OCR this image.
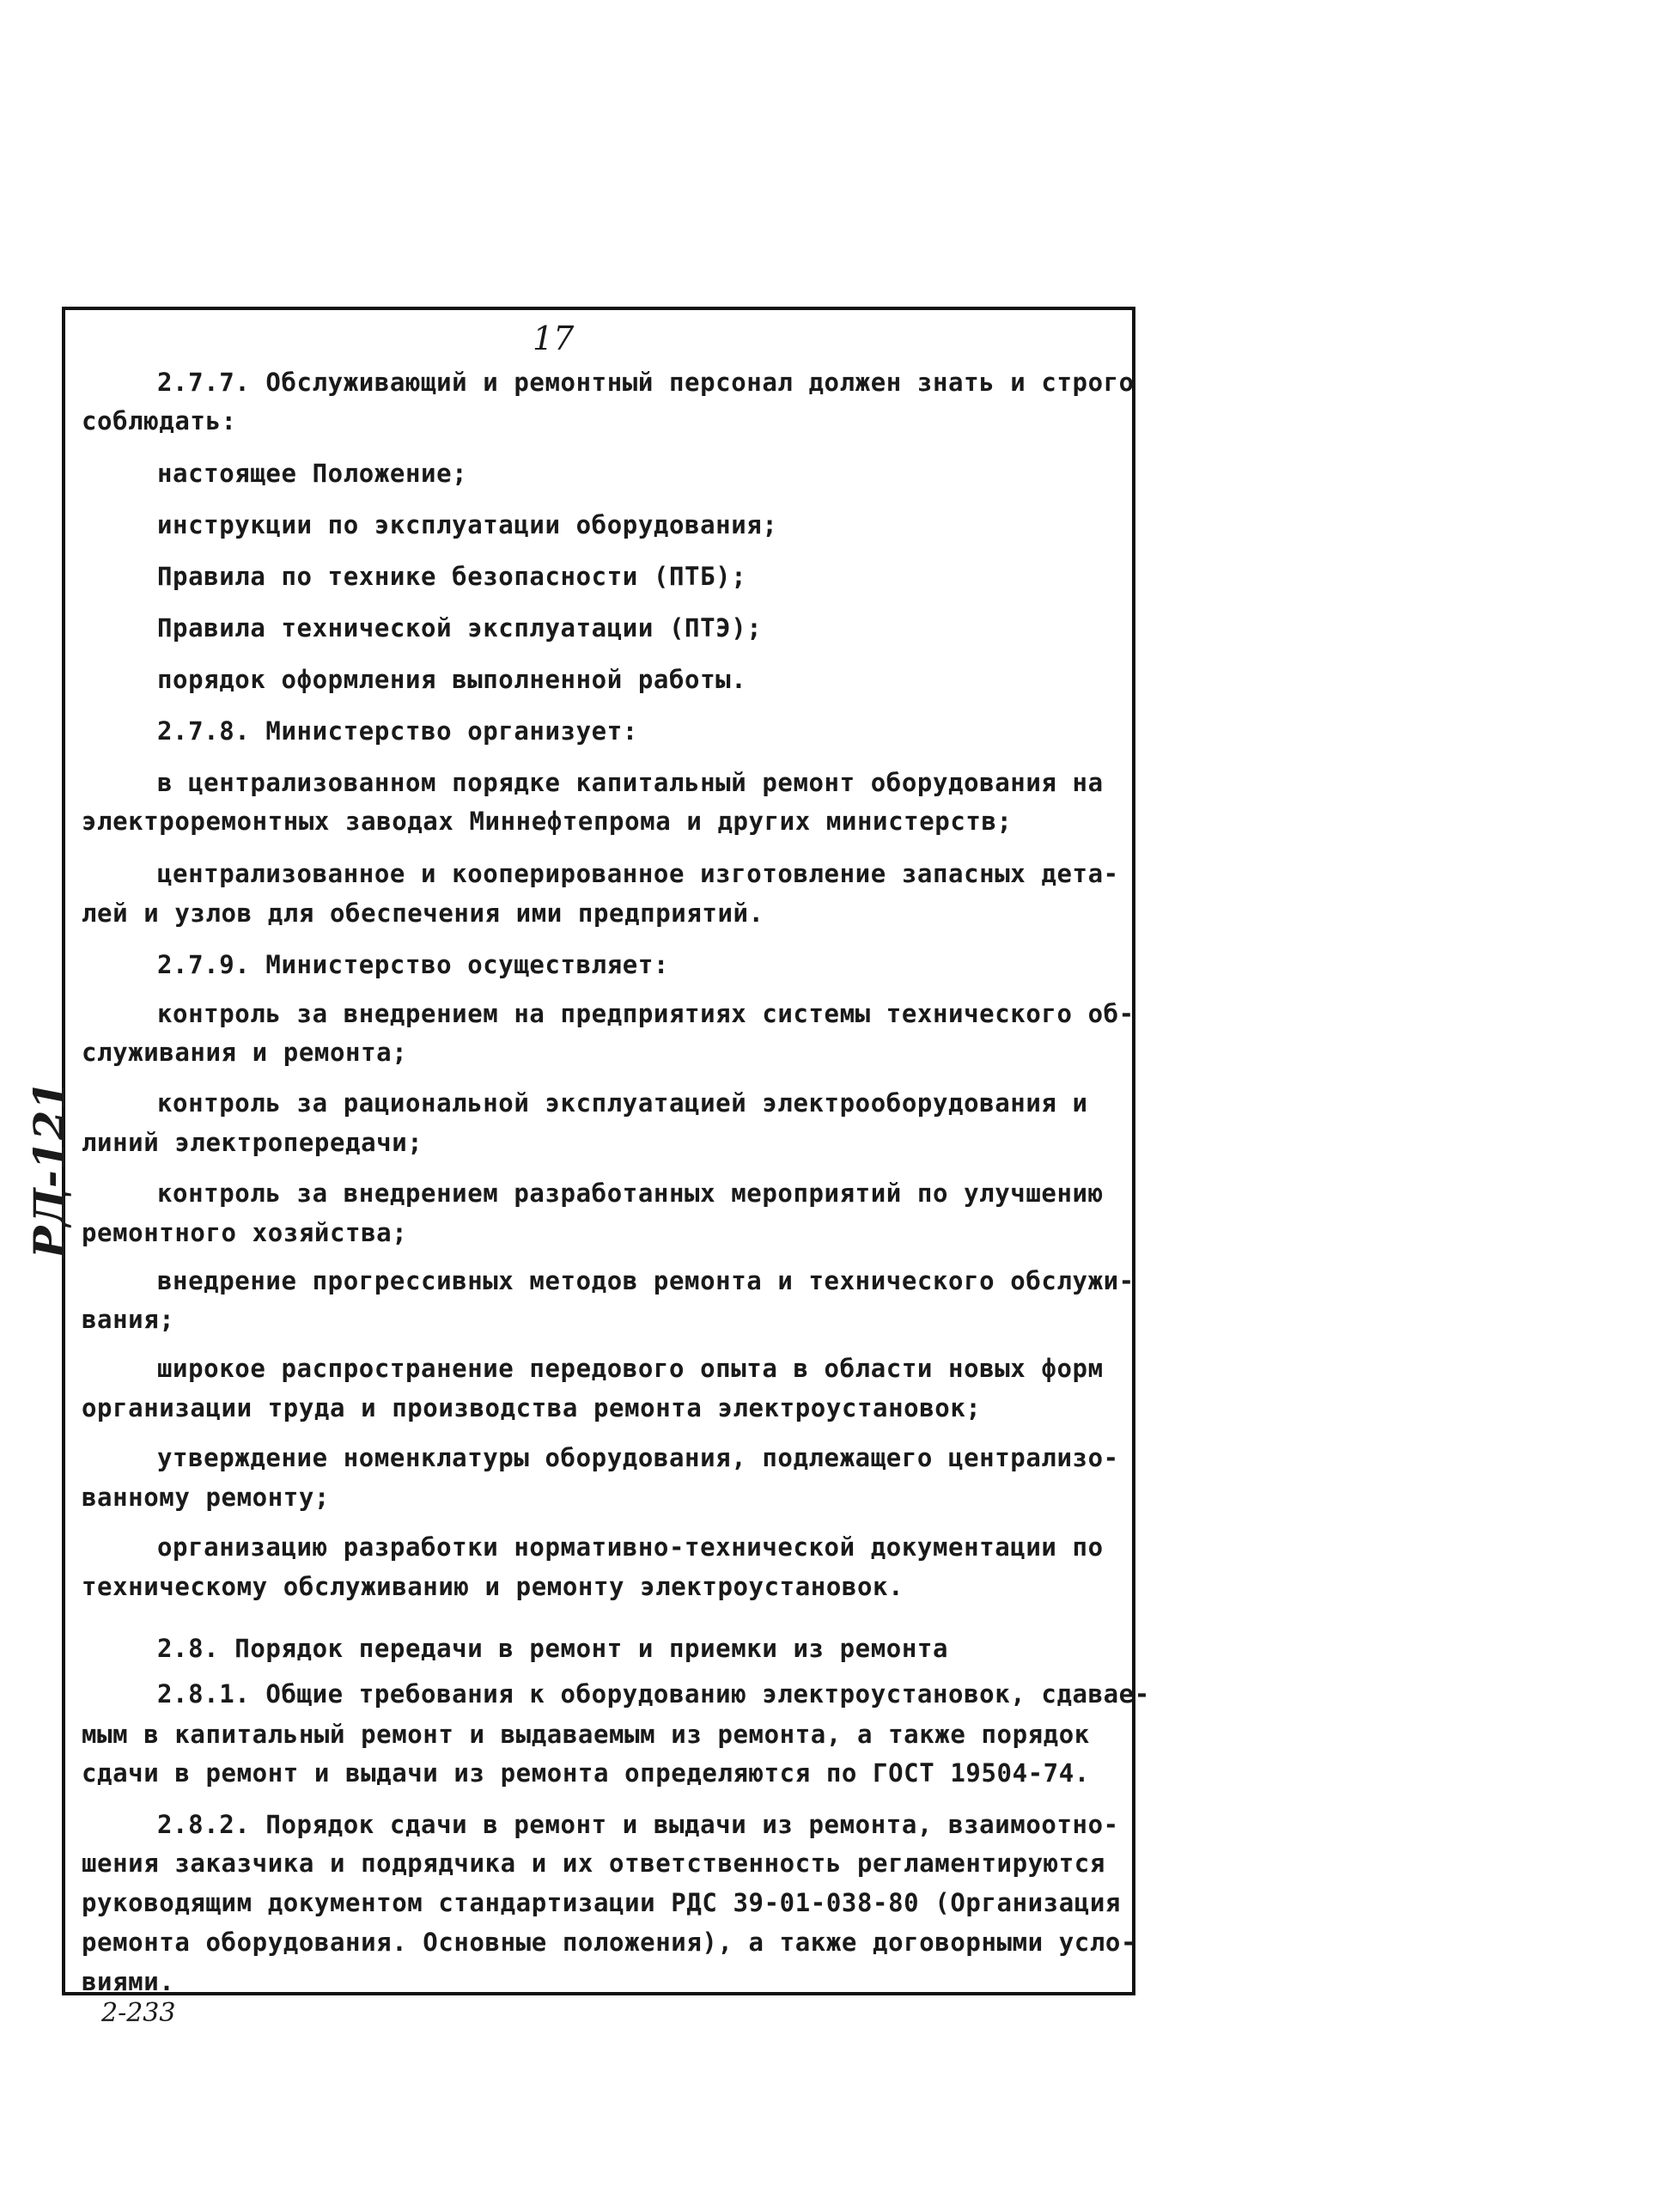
17
РД-121
2-233
2.7.7. Обслуживающий и ремонтный персонал должен знать и строго
соблюдать:
настоящее Положение;
инструкции по эксплуатации оборудования;
Правила по технике безопасности (ПТБ);
Правила технической эксплуатации (ПТЭ);
порядок оформления выполненной работы.
2.7.8. Министерство организует:
в централизованном порядке капитальный ремонт оборудования на
электроремонтных заводах Миннефтепрома и других министерств;
централизованное и кооперированное изготовление запасных дета-
лей и узлов для обеспечения ими предприятий.
2.7.9. Министерство осуществляет:
контроль за внедрением на предприятиях системы технического об-
служивания и ремонта;
контроль за рациональной эксплуатацией электрооборудования и
линий электропередачи;
контроль за внедрением разработанных мероприятий по улучшению
ремонтного хозяйства;
внедрение прогрессивных методов ремонта и технического обслужи-
вания;
широкое распространение передового опыта в области новых форм
организации труда и производства ремонта электроустановок;
утверждение номенклатуры оборудования, подлежащего централизо-
ванному ремонту;
организацию разработки нормативно-технической документации по
техническому обслуживанию и ремонту электроустановок.
2.8. Порядок передачи в ремонт и приемки из ремонта
2.8.1. Общие требования к оборудованию электроустановок, сдавае-
мым в капитальный ремонт и выдаваемым из ремонта, а также порядок
сдачи в ремонт и выдачи из ремонта определяются по ГОСТ 19504-74.
2.8.2. Порядок сдачи в ремонт и выдачи из ремонта, взаимоотно-
шения заказчика и подрядчика и их ответственность регламентируются
руководящим документом стандартизации РДС 39-01-038-80 (Организация
ремонта оборудования. Основные положения), а также договорными усло-
виями.
